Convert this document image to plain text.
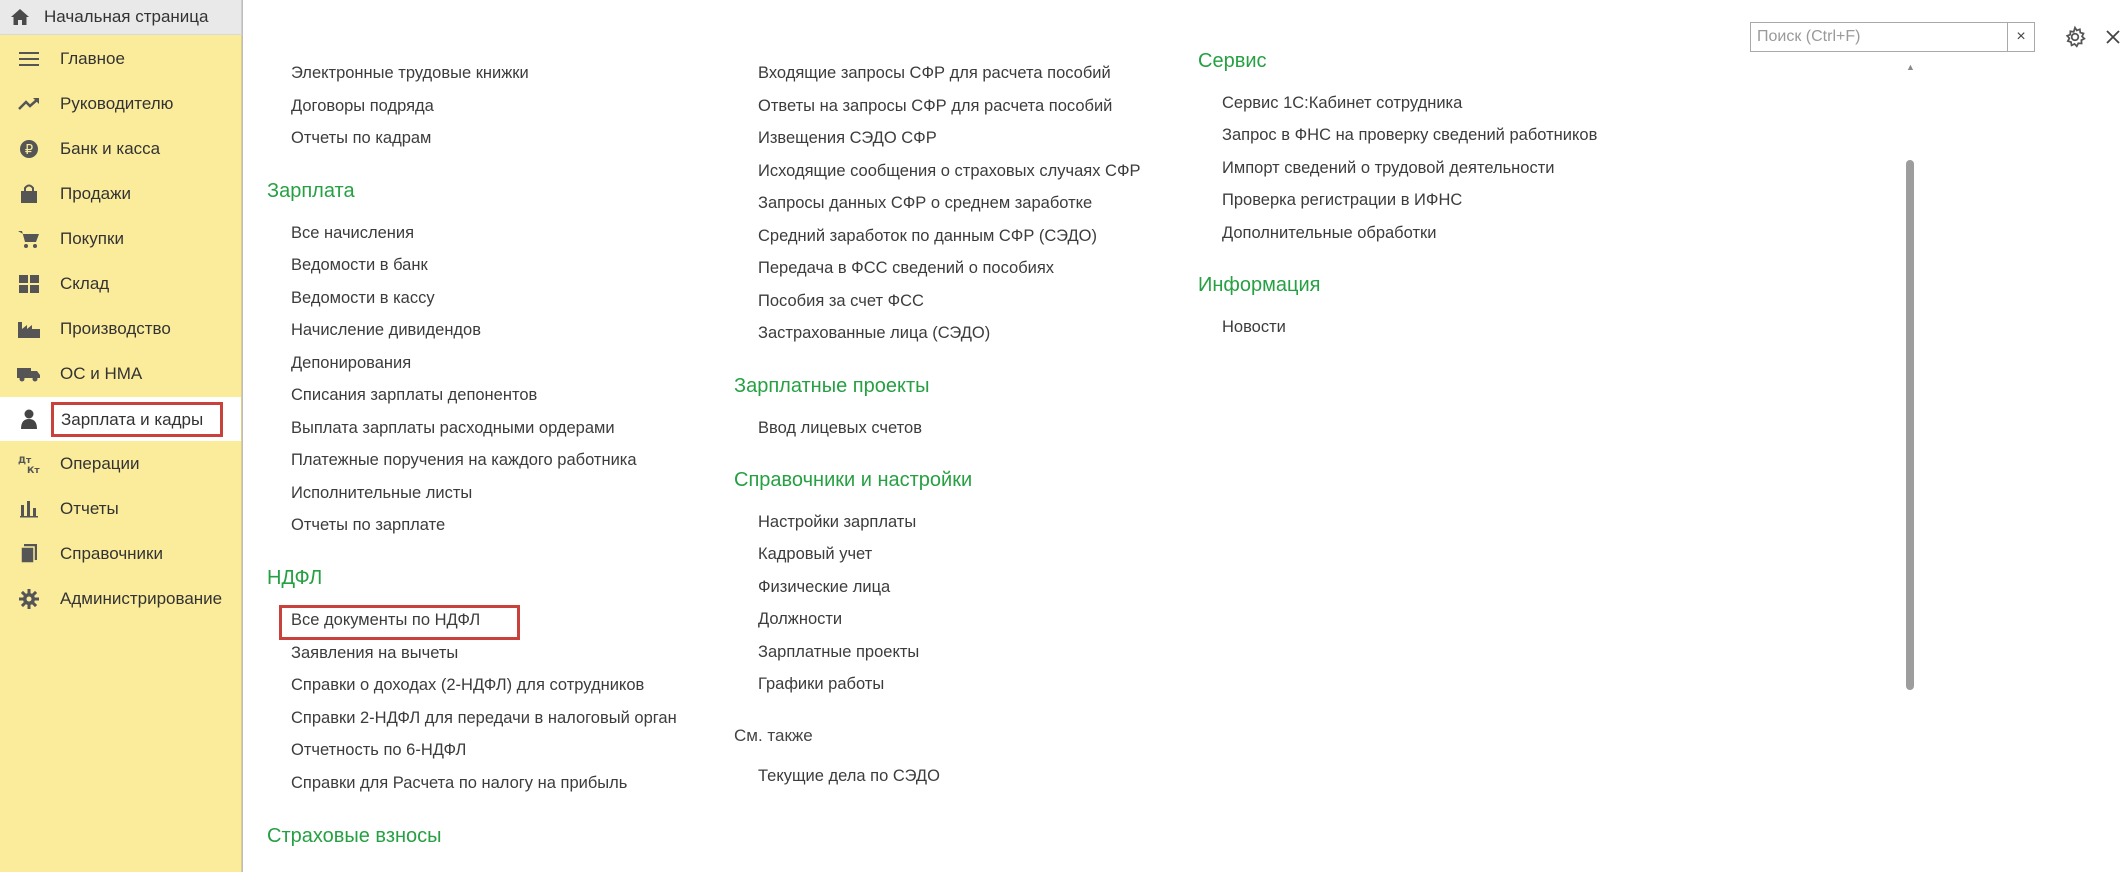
Начальная страница
Главное
Руководителю
₽ Банк и касса
Продажи
Покупки
Склад
Производство
ОС и НМА
Зарплата и кадры
Дт
Кт Операции
Отчеты
Справочники
Администрирование
Поиск (Ctrl+F)
×
Электронные трудовые книжки
Договоры подряда
Отчеты по кадрам
Зарплата
Все начисления
Ведомости в банк
Ведомости в кассу
Начисление дивидендов
Депонирования
Списания зарплаты депонентов
Выплата зарплаты расходными ордерами
Платежные поручения на каждого работника
Исполнительные листы
Отчеты по зарплате
НДФЛ
Все документы по НДФЛ
Заявления на вычеты
Справки о доходах (2-НДФЛ) для сотрудников
Справки 2-НДФЛ для передачи в налоговый орган
Отчетность по 6-НДФЛ
Справки для Расчета по налогу на прибыль
Страховые взносы
Входящие запросы СФР для расчета пособий
Ответы на запросы СФР для расчета пособий
Извещения СЭДО СФР
Исходящие сообщения о страховых случаях СФР
Запросы данных СФР о среднем заработке
Средний заработок по данным СФР (СЭДО)
Передача в ФСС сведений о пособиях
Пособия за счет ФСС
Застрахованные лица (СЭДО)
Зарплатные проекты
Ввод лицевых счетов
Справочники и настройки
Настройки зарплаты
Кадровый учет
Физические лица
Должности
Зарплатные проекты
Графики работы
См. также
Текущие дела по СЭДО
Сервис
Сервис 1С:Кабинет сотрудника
Запрос в ФНС на проверку сведений работников
Импорт сведений о трудовой деятельности
Проверка регистрации в ИФНС
Дополнительные обработки
Информация
Новости
▲
